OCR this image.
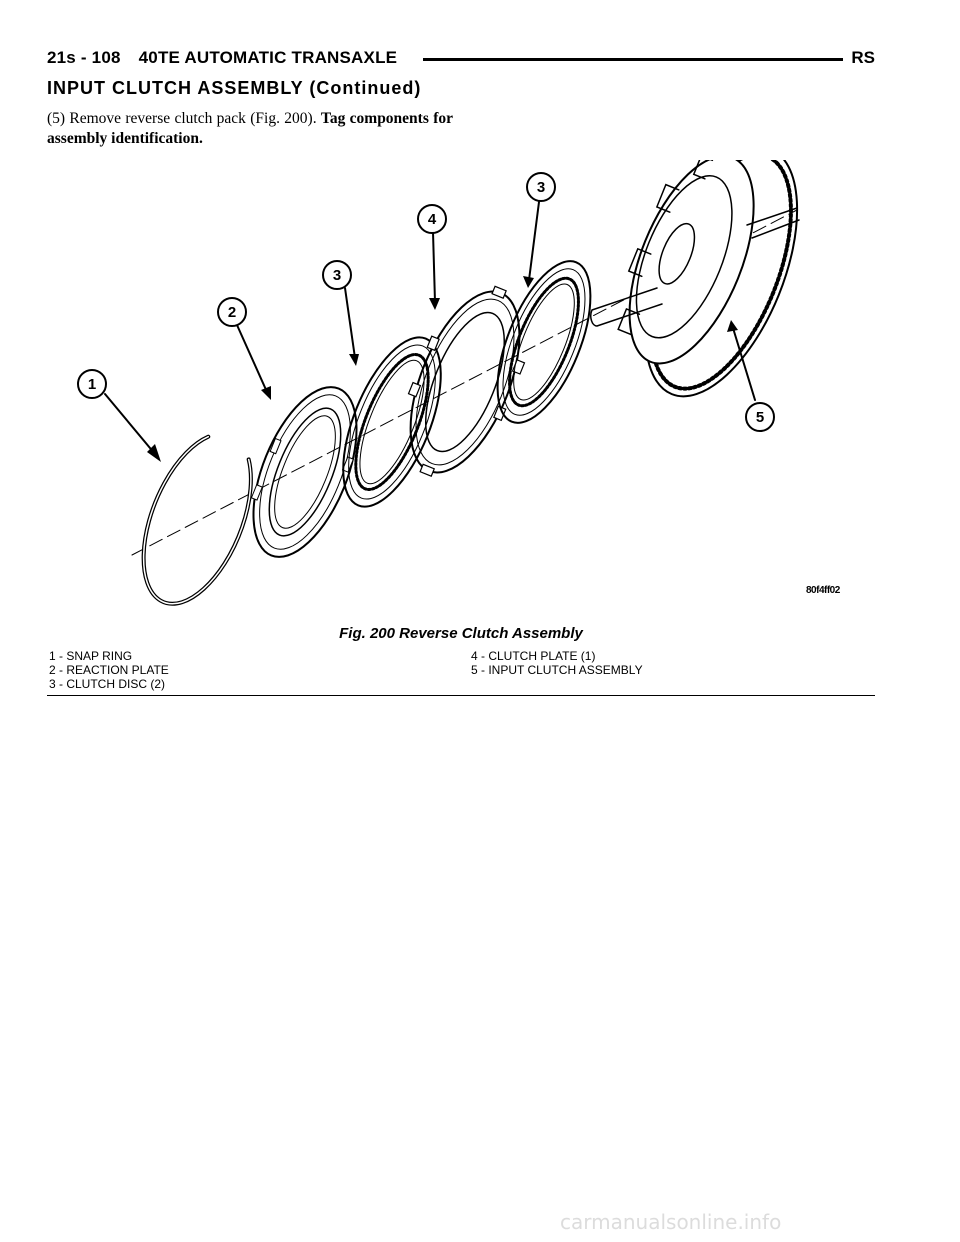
21s - 108 40TE AUTOMATIC TRANSAXLE	RS
INPUT CLUTCH ASSEMBLY (Continued)
(5) Remove reverse clutch pack (Fig. 200). Tag components for assembly identification.
1
2
3
4
3
5
80f4ff02
Fig. 200 Reverse Clutch Assembly
1 - SNAP RING
2 - REACTION PLATE
3 - CLUTCH DISC (2)
4 - CLUTCH PLATE (1)
5 - INPUT CLUTCH ASSEMBLY
carmanualsonline.info
